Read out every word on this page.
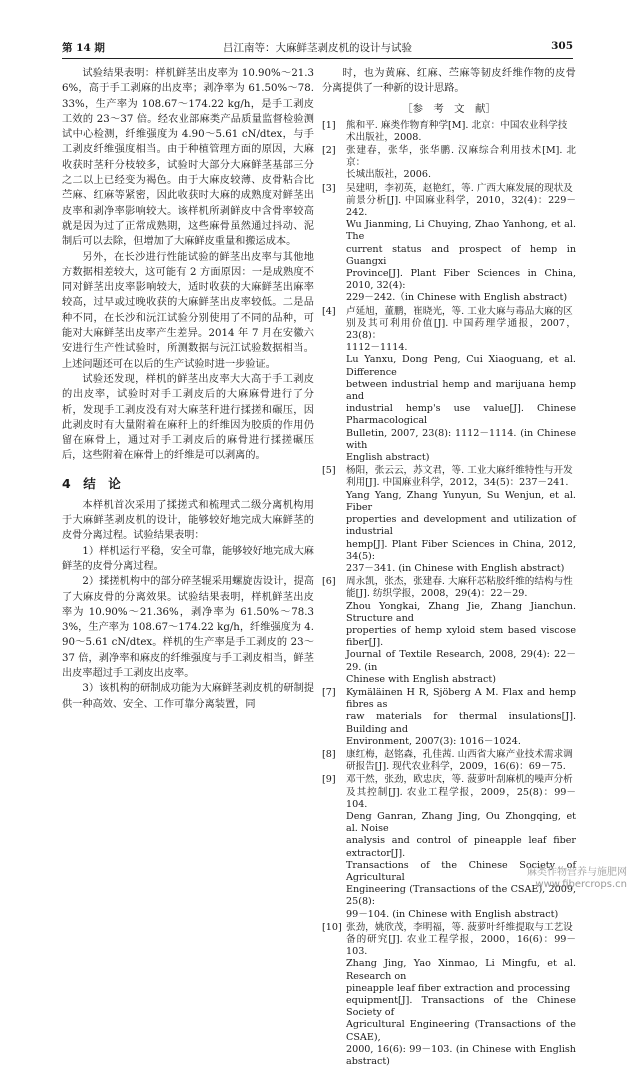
第 14 期	吕江南等：大麻鲜茎剥皮机的设计与试验	305

试验结果表明：样机鲜茎出皮率为 10.90%～21.36%，高于手工剥麻的出皮率；剥净率为 61.50%～78.33%，生产率为 108.67～174.22 kg/h，是手工剥皮工效的 23～37 倍。经农业部麻类产品质量监督检验测试中心检测，纤维强度为 4.90～5.61 cN/dtex，与手工剥皮纤维强度相当。由于种植管理方面的原因，大麻收获时茎秆分枝较多，试验时大部分大麻鲜茎基部三分之二以上已经变为褐色。由于大麻皮较薄、皮骨粘合比苎麻、红麻等紧密，因此收获时大麻的成熟度对鲜茎出皮率和剥净率影响较大。该样机所剥鲜皮中含骨率较高就是因为过了正常成熟期，这些麻骨虽然通过抖动、泥制后可以去除，但增加了大麻鲜皮重量和搬运成本。

另外，在长沙进行性能试验的鲜茎出皮率与其他地方数据相差较大，这可能有 2 方面原因：一是成熟度不同对鲜茎出皮率影响较大，适时收获的大麻鲜茎出麻率较高，过早或过晚收获的大麻鲜茎出皮率较低。二是品种不同，在长沙和沅江试验分别使用了不同的品种，可能对大麻鲜茎出皮率产生差异。2014 年 7 月在安徽六安进行生产性试验时，所测数据与沅江试验数据相当。上述问题还可在以后的生产试验时进一步验证。

试验还发现，样机的鲜茎出皮率大大高于手工剥皮的出皮率，试验时对手工剥皮后的大麻麻骨进行了分析，发现手工剥皮没有对大麻茎秆进行揉搓和碾压，因此剥皮时有大量附着在麻秆上的纤维因为胶质的作用仍留在麻骨上，通过对手工剥皮后的麻骨进行揉搓碾压后，这些附着在麻骨上的纤维是可以剥离的。

4　结　论

本样机首次采用了揉搓式和梳理式二级分离机构用于大麻鲜茎剥皮机的设计，能够较好地完成大麻鲜茎的皮骨分离过程。试验结果表明：

1）样机运行平稳，安全可靠，能够较好地完成大麻鲜茎的皮骨分离过程。

2）揉搓机构中的部分碎茎辊采用螺旋齿设计，提高了大麻皮骨的分离效果。试验结果表明，样机鲜茎出皮率为 10.90%～21.36%，剥净率为 61.50%～78.33%，生产率为 108.67～174.22 kg/h，纤维强度为 4.90～5.61 cN/dtex。样机的生产率是手工剥皮的 23～37 倍，剥净率和麻皮的纤维强度与手工剥皮相当，鲜茎出皮率超过手工剥皮出皮率。

3）该机构的研制成功能为大麻鲜茎剥皮机的研制提供一种高效、安全、工作可靠分离装置，同

时，也为黄麻、红麻、苎麻等韧皮纤维作物的皮骨分离提供了一种新的设计思路。

［参　考　文　献］
[1] 熊和平. 麻类作物育种学[M]. 北京：中国农业科学技
术出版社，2008.
[2] 张建春，张华，张华鹏. 汉麻综合利用技术[M]. 北京：
长城出版社，2006.
[3] 吴建明，李初英，赵艳红，等. 广西大麻发展的现状及
前景分析[J]. 中国麻业科学，2010，32(4)：229－242.
Wu Jianming, Li Chuying, Zhao Yanhong, et al. The
current status and prospect of hemp in Guangxi
Province[J]. Plant Fiber Sciences in China, 2010, 32(4):
229－242.（in Chinese with English abstract)
[4] 卢延旭，董鹏，崔晓光，等. 工业大麻与毒品大麻的区
别及其可利用价值[J]. 中国药理学通报，2007，23(8)：
1112－1114.
Lu Yanxu, Dong Peng, Cui Xiaoguang, et al. Difference
between industrial hemp and marijuana hemp and
industrial hemp's use value[J]. Chinese Pharmacological
Bulletin, 2007, 23(8): 1112－1114. (in Chinese with
English abstract)
[5] 杨阳，张云云，苏文君，等. 工业大麻纤维特性与开发
利用[J]. 中国麻业科学，2012，34(5)：237－241.
Yang Yang, Zhang Yunyun, Su Wenjun, et al. Fiber
properties and development and utilization of industrial
hemp[J]. Plant Fiber Sciences in China, 2012, 34(5):
237－341. (in Chinese with English abstract)
[6] 周永凯，张杰，张建春. 大麻秆芯粘胶纤维的结构与性
能[J]. 纺织学报，2008，29(4)：22－29.
Zhou Yongkai, Zhang Jie, Zhang Jianchun. Structure and
properties of hemp xyloid stem based viscose fiber[J].
Journal of Textile Research, 2008, 29(4): 22－29. (in
Chinese with English abstract)
[7] Kymäläinen H R, Sjöberg A M. Flax and hemp fibres as
raw materials for thermal insulations[J]. Building and
Environment, 2007(3): 1016－1024.
[8] 康红梅，赵铭森，孔佳茜. 山西省大麻产业技术需求调
研报告[J]. 现代农业科学，2009，16(6)：69－75.
[9] 邓干然，张劲，欧忠庆，等. 菠萝叶刮麻机的噪声分析
及其控制[J]. 农业工程学报，2009，25(8)：99－104.
Deng Ganran, Zhang Jing, Ou Zhongqing, et al. Noise
analysis and control of pineapple leaf fiber extractor[J].
Transactions of the Chinese Society of Agricultural
Engineering (Transactions of the CSAE), 2009, 25(8):
99－104. (in Chinese with English abstract)
[10] 张劲，姚欣茂，李明福，等. 菠萝叶纤维提取与工艺设
备的研究[J]. 农业工程学报，2000，16(6)：99－103.
Zhang Jing, Yao Xinmao, Li Mingfu, et al. Research on
pineapple leaf fiber extraction and processing
equipment[J]. Transactions of the Chinese Society of
Agricultural Engineering (Transactions of the CSAE),
2000, 16(6): 99－103. (in Chinese with English abstract)
麻类作物营养与施肥网
www.fibercrops.cn
